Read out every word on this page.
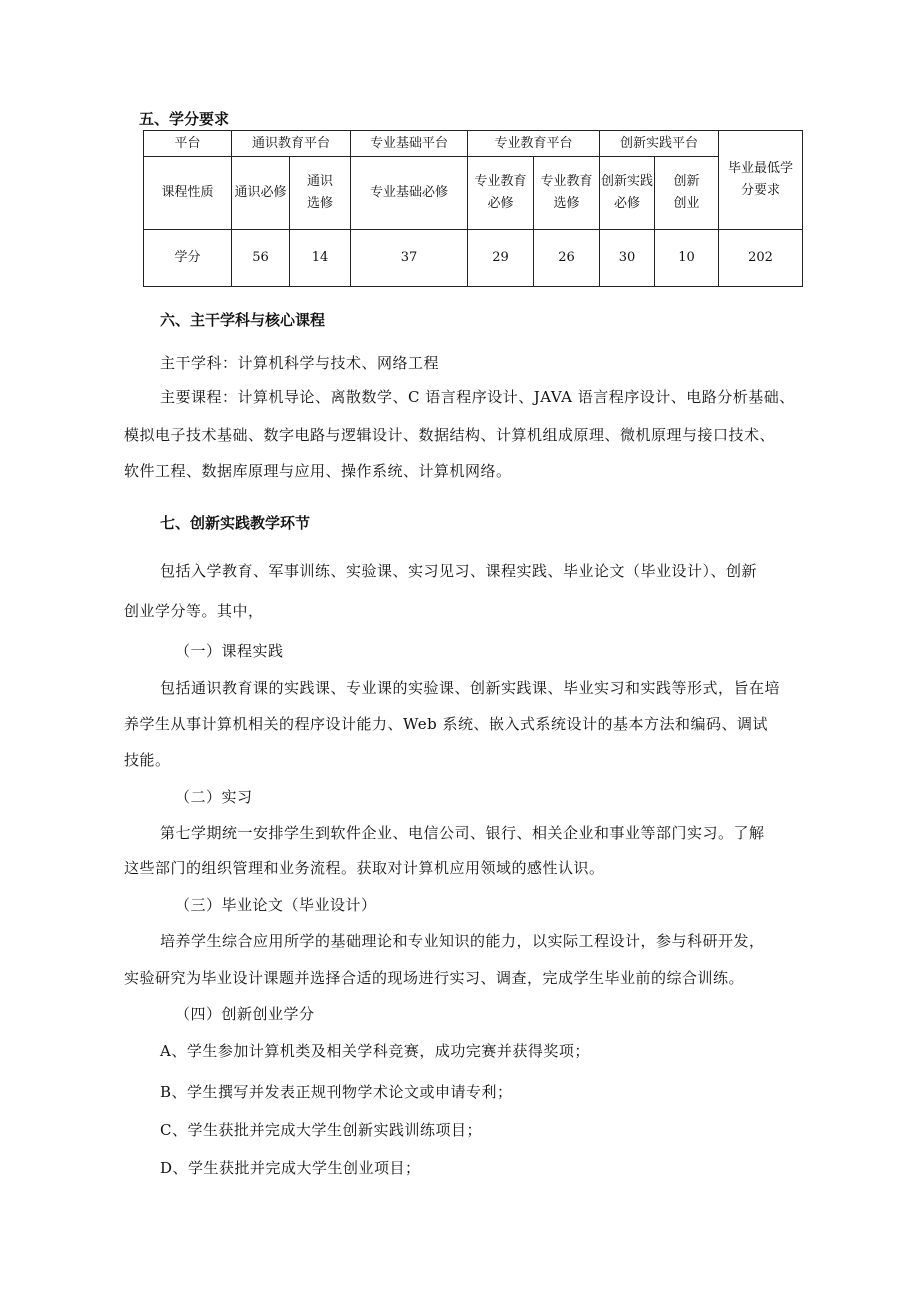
五、学分要求

平台	通识教育平台		专业基础平台	专业教育平台		创新实践平台		毕业最低学分要求
课程性质	通识必修	通识选修	专业基础必修	专业教育必修	专业教育选修	创新实践必修	创新创业	
学分	56	14	37	29	26	30	10	202

六、主干学科与核心课程

主干学科：计算机科学与技术、网络工程

主要课程：计算机导论、离散数学、C 语言程序设计、JAVA 语言程序设计、电路分析基础、

模拟电子技术基础、数字电路与逻辑设计、数据结构、计算机组成原理、微机原理与接口技术、

软件工程、数据库原理与应用、操作系统、计算机网络。

七、创新实践教学环节

包括入学教育、军事训练、实验课、实习见习、课程实践、毕业论文（毕业设计）、创新

创业学分等。其中，

（一）课程实践

包括通识教育课的实践课、专业课的实验课、创新实践课、毕业实习和实践等形式，旨在培

养学生从事计算机相关的程序设计能力、Web 系统、嵌入式系统设计的基本方法和编码、调试

技能。

（二）实习

第七学期统一安排学生到软件企业、电信公司、银行、相关企业和事业等部门实习。了解

这些部门的组织管理和业务流程。获取对计算机应用领域的感性认识。

（三）毕业论文（毕业设计）

培养学生综合应用所学的基础理论和专业知识的能力，以实际工程设计，参与科研开发，

实验研究为毕业设计课题并选择合适的现场进行实习、调查，完成学生毕业前的综合训练。

（四）创新创业学分

A、学生参加计算机类及相关学科竞赛，成功完赛并获得奖项；

B、学生撰写并发表正规刊物学术论文或申请专利；

C、学生获批并完成大学生创新实践训练项目；

D、学生获批并完成大学生创业项目；
